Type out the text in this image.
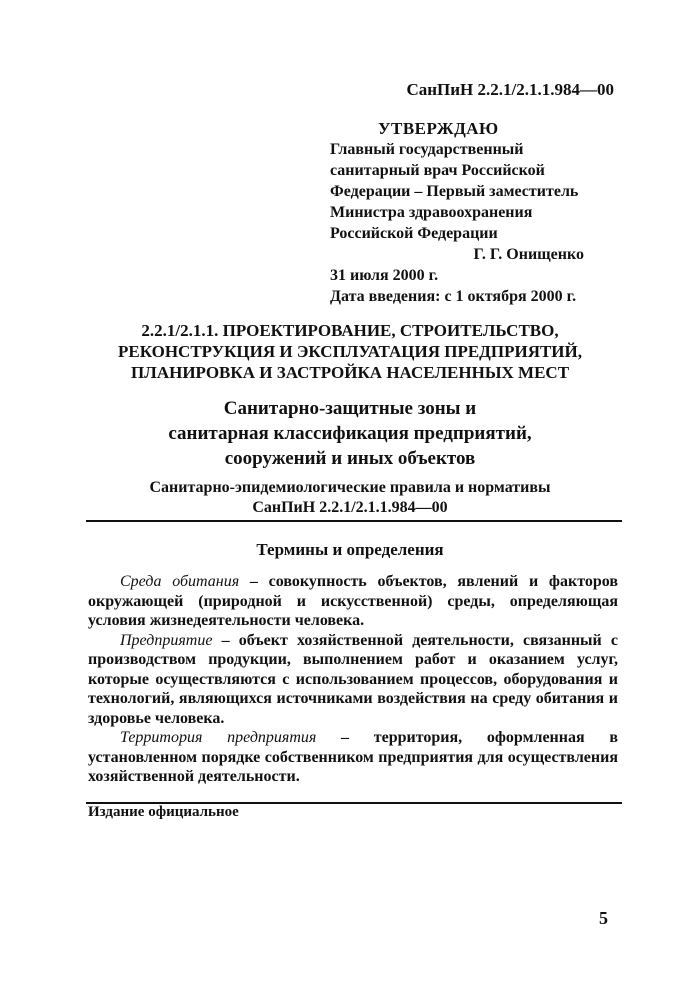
СанПиН 2.2.1/2.1.1.984—00
УТВЕРЖДАЮ
Главный государственный
санитарный врач Российской
Федерации – Первый заместитель
Министра здравоохранения
Российской Федерации
Г. Г. Онищенко
31 июля 2000 г.
Дата введения: с 1 октября 2000 г.
2.2.1/2.1.1. ПРОЕКТИРОВАНИЕ, СТРОИТЕЛЬСТВО,
РЕКОНСТРУКЦИЯ И ЭКСПЛУАТАЦИЯ ПРЕДПРИЯТИЙ,
ПЛАНИРОВКА И ЗАСТРОЙКА НАСЕЛЕННЫХ МЕСТ
Санитарно-защитные зоны и
санитарная классификация предприятий,
сооружений и иных объектов
Санитарно-эпидемиологические правила и нормативы
СанПиН 2.2.1/2.1.1.984—00
Термины и определения

Среда обитания – совокупность объектов, явлений и факторов окружающей (природной и искусственной) среды, определяющая условия жизнедеятельности человека.

Предприятие – объект хозяйственной деятельности, связанный с производством продукции, выполнением работ и оказанием услуг, которые осуществляются с использованием процессов, оборудования и технологий, являющихся источниками воздействия на среду обитания и здоровье человека.

Территория предприятия – территория, оформленная в установленном порядке собственником предприятия для осуществления хозяйственной деятельности.

Издание официальное
5
